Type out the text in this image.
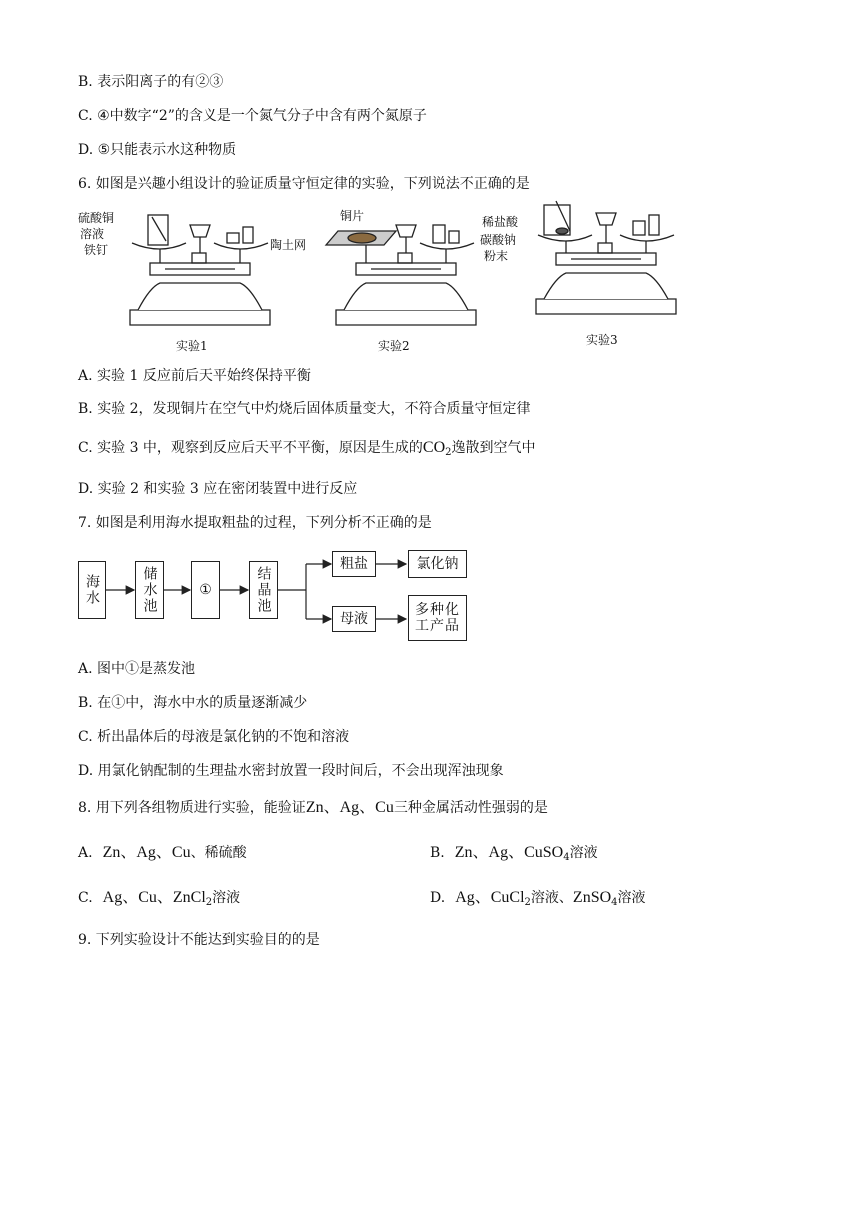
B. 表示阳离子的有②③
C. ④中数字“2”的含义是一个氮气分子中含有两个氮原子
D. ⑤只能表示水这种物质
6. 如图是兴趣小组设计的验证质量守恒定律的实验，下列说法不正确的是
硫酸铜
溶液
铁钉
铜片
陶土网
稀盐酸
碳酸钠
粉末
实验1	实验2	实验3
A. 实验 1 反应前后天平始终保持平衡
B. 实验 2，发现铜片在空气中灼烧后固体质量变大，不符合质量守恒定律
C. 实验 3 中，观察到反应后天平不平衡，原因是生成的$CO_2$逸散到空气中
D. 实验 2 和实验 3 应在密闭装置中进行反应
7. 如图是利用海水提取粗盐的过程，下列分析不正确的是
海水	储水池	①	结晶池
粗盐
母液
氯化钠
多种化工产品
A. 图中①是蒸发池
B. 在①中，海水中水的质量逐渐减少
C. 析出晶体后的母液是氯化钠的不饱和溶液
D. 用氯化钠配制的生理盐水密封放置一段时间后，不会出现浑浊现象
8. 用下列各组物质进行实验，能验证Zn、Ag、Cu三种金属活动性强弱的是
A. Zn、Ag、Cu、稀硫酸	B. Zn、Ag、CuSO$_4$溶液
C. Ag、Cu、ZnCl$_2$溶液	D. Ag、CuCl$_2$溶液、ZnSO$_4$溶液
9. 下列实验设计不能达到实验目的的是
